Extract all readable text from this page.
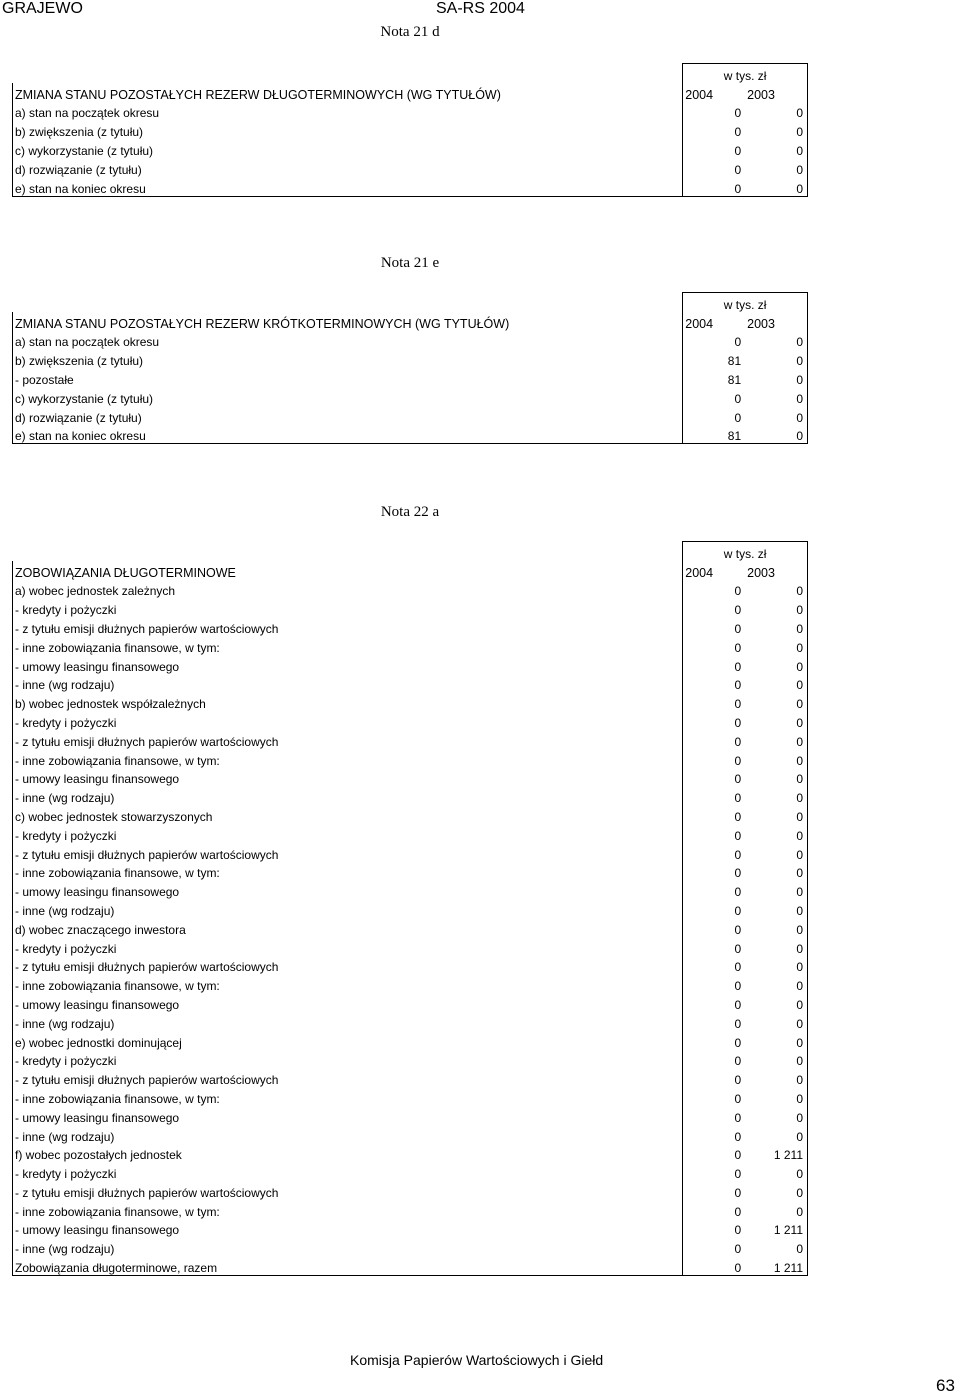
GRAJEWO	SA-RS 2004
Nota 21 d
	w tys. zł	
ZMIANA STANU POZOSTAŁYCH REZERW DŁUGOTERMINOWYCH (WG TYTUŁÓW)	2004	2003
a) stan na początek okresu	0	0
b) zwiększenia (z tytułu)	0	0
c) wykorzystanie (z tytułu)	0	0
d) rozwiązanie (z tytułu)	0	0
e) stan na koniec okresu	0	0
Nota 21 e
	w tys. zł	
ZMIANA STANU POZOSTAŁYCH REZERW KRÓTKOTERMINOWYCH (WG TYTUŁÓW)	2004	2003
a) stan na początek okresu	0	0
b) zwiększenia (z tytułu)	81	0
- pozostałe	81	0
c) wykorzystanie (z tytułu)	0	0
d) rozwiązanie (z tytułu)	0	0
e) stan na koniec okresu	81	0
Nota 22 a
	w tys. zł	
ZOBOWIĄZANIA DŁUGOTERMINOWE	2004	2003
a) wobec jednostek zależnych	0	0
- kredyty i pożyczki	0	0
- z tytułu emisji dłużnych papierów wartościowych	0	0
- inne zobowiązania finansowe, w tym:	0	0
- umowy leasingu finansowego	0	0
- inne (wg rodzaju)	0	0
b) wobec jednostek współzależnych	0	0
- kredyty i pożyczki	0	0
- z tytułu emisji dłużnych papierów wartościowych	0	0
- inne zobowiązania finansowe, w tym:	0	0
- umowy leasingu finansowego	0	0
- inne (wg rodzaju)	0	0
c) wobec jednostek stowarzyszonych	0	0
- kredyty i pożyczki	0	0
- z tytułu emisji dłużnych papierów wartościowych	0	0
- inne zobowiązania finansowe, w tym:	0	0
- umowy leasingu finansowego	0	0
- inne (wg rodzaju)	0	0
d) wobec znaczącego inwestora	0	0
- kredyty i pożyczki	0	0
- z tytułu emisji dłużnych papierów wartościowych	0	0
- inne zobowiązania finansowe, w tym:	0	0
- umowy leasingu finansowego	0	0
- inne (wg rodzaju)	0	0
e) wobec jednostki dominującej	0	0
- kredyty i pożyczki	0	0
- z tytułu emisji dłużnych papierów wartościowych	0	0
- inne zobowiązania finansowe, w tym:	0	0
- umowy leasingu finansowego	0	0
- inne (wg rodzaju)	0	0
f) wobec pozostałych jednostek	0	1 211
- kredyty i pożyczki	0	0
- z tytułu emisji dłużnych papierów wartościowych	0	0
- inne zobowiązania finansowe, w tym:	0	0
- umowy leasingu finansowego	0	1 211
- inne (wg rodzaju)	0	0
Zobowiązania długoterminowe, razem	0	1 211
Komisja Papierów Wartościowych i Giełd
63
